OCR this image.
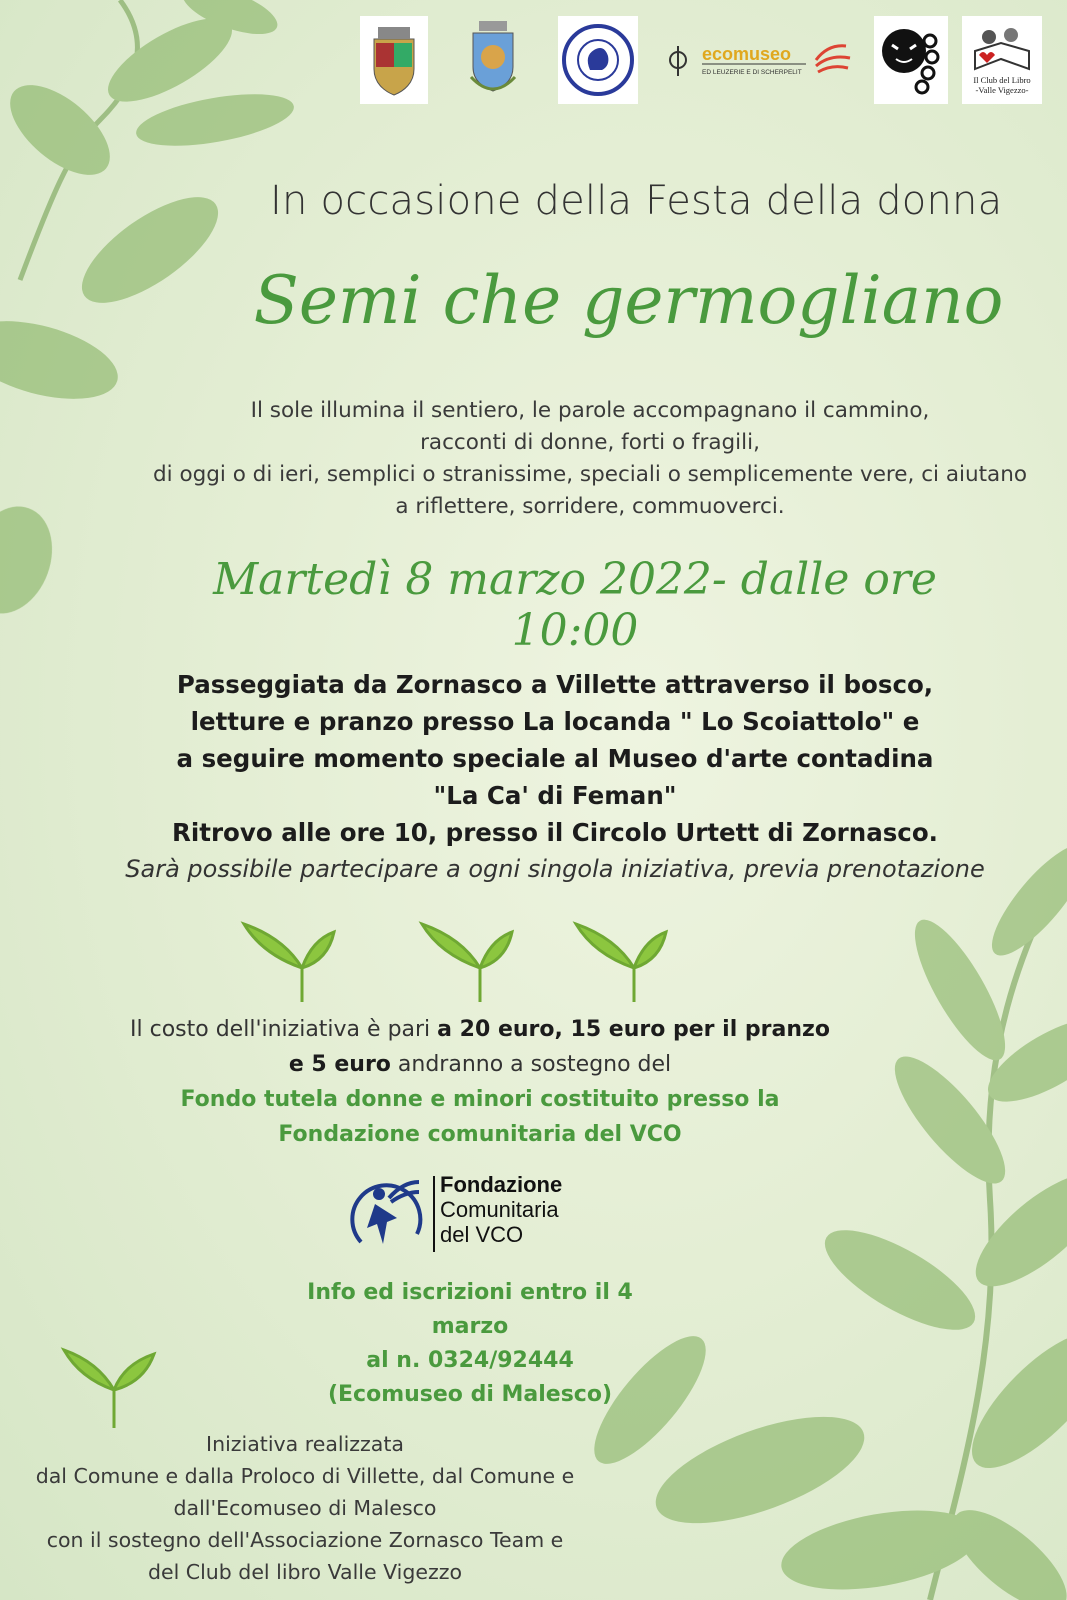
ecomuseo
ED LEUZERIE E DI SCHERPELIT
Il Club del Libro
-Valle Vigezzo-
In occasione della Festa della donna
Semi che germogliano
Il sole illumina il sentiero, le parole accompagnano il cammino,
racconti di donne, forti o fragili,
di oggi o di ieri, semplici o stranissime, speciali o semplicemente vere, ci aiutano
a riflettere, sorridere, commuoverci.
Martedì 8 marzo 2022- dalle ore 10:00
Passeggiata da Zornasco a Villette attraverso il bosco,
letture e pranzo presso La locanda " Lo Scoiattolo" e
a seguire momento speciale al Museo d'arte contadina
"La Ca' di Feman"
Ritrovo alle ore 10, presso il Circolo Urtett di Zornasco.
Sarà possibile partecipare a ogni singola iniziativa, previa prenotazione
Il costo dell'iniziativa è pari a 20 euro, 15 euro per il pranzo
e 5 euro andranno a sostegno del
Fondo tutela donne e minori costituito presso la
Fondazione comunitaria del VCO
Fondazione
Comunitaria
del VCO
Info ed iscrizioni entro il 4
marzo
al n. 0324/92444
(Ecomuseo di Malesco)
Iniziativa realizzata
dal Comune e dalla Proloco di Villette, dal Comune e
dall'Ecomuseo di Malesco
con il sostegno dell'Associazione Zornasco Team e
del Club del libro Valle Vigezzo
